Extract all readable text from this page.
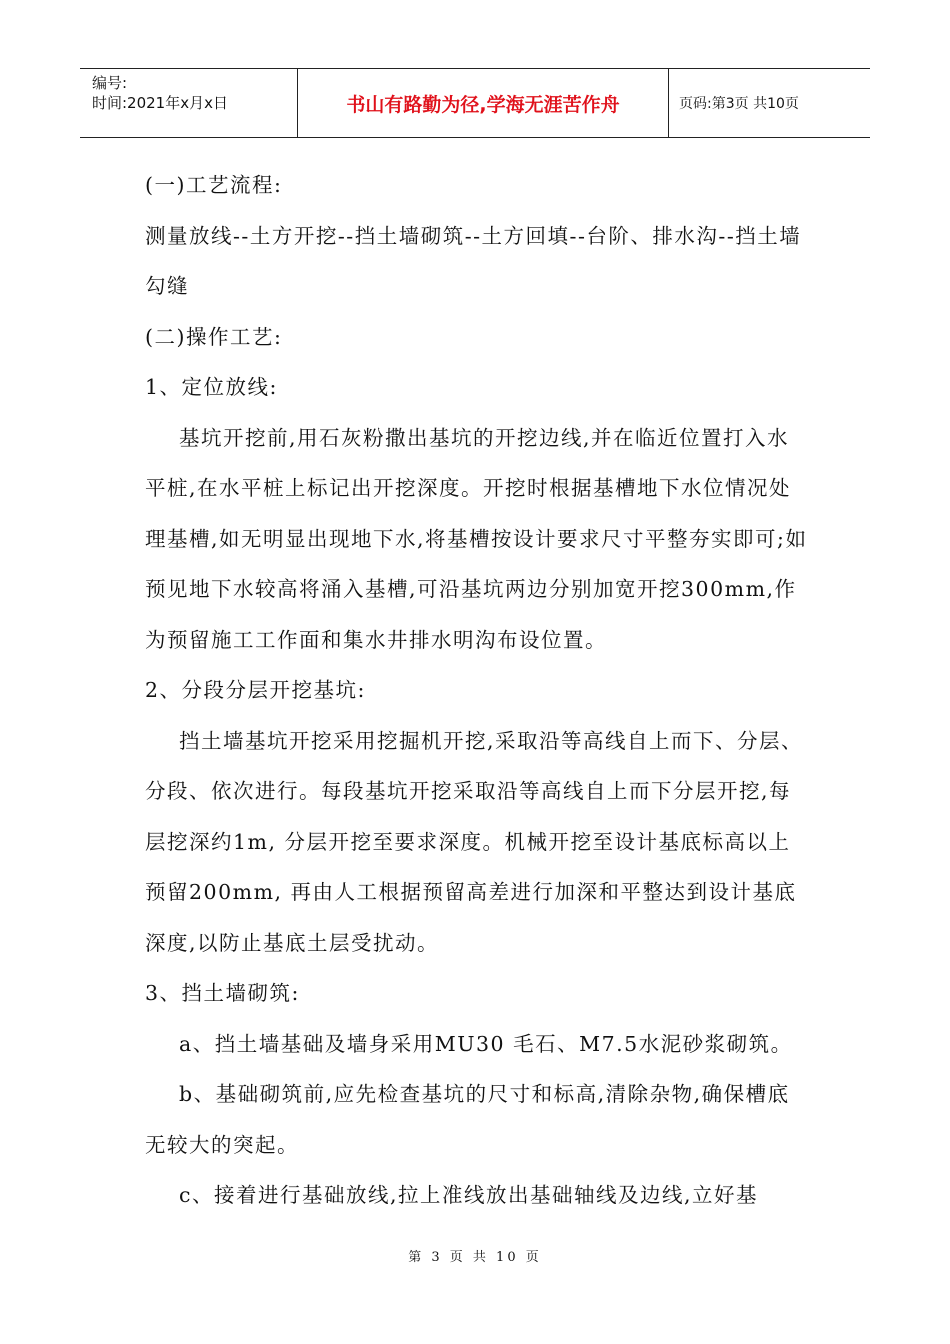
编号:
时间:2021年x月x日	书山有路勤为径,学海无涯苦作舟	页码:第3页 共10页

(一)工艺流程:

测量放线--土方开挖--挡土墙砌筑--土方回填--台阶、排水沟--挡土墙勾缝

(二)操作工艺:

1、定位放线:

基坑开挖前,用石灰粉撒出基坑的开挖边线,并在临近位置打入水平桩,在水平桩上标记出开挖深度。开挖时根据基槽地下水位情况处理基槽,如无明显出现地下水,将基槽按设计要求尺寸平整夯实即可;如预见地下水较高将涌入基槽,可沿基坑两边分别加宽开挖300mm,作为预留施工工作面和集水井排水明沟布设位置。

2、分段分层开挖基坑:

挡土墙基坑开挖采用挖掘机开挖,采取沿等高线自上而下、分层、分段、依次进行。每段基坑开挖采取沿等高线自上而下分层开挖,每层挖深约1m, 分层开挖至要求深度。机械开挖至设计基底标高以上预留200mm, 再由人工根据预留高差进行加深和平整达到设计基底深度,以防止基底土层受扰动。

3、挡土墙砌筑:

a、挡土墙基础及墙身采用MU30 毛石、M7.5水泥砂浆砌筑。

b、基础砌筑前,应先检查基坑的尺寸和标高,清除杂物,确保槽底无较大的突起。

c、接着进行基础放线,拉上准线放出基础轴线及边线,立好基

第 3 页 共 10 页
